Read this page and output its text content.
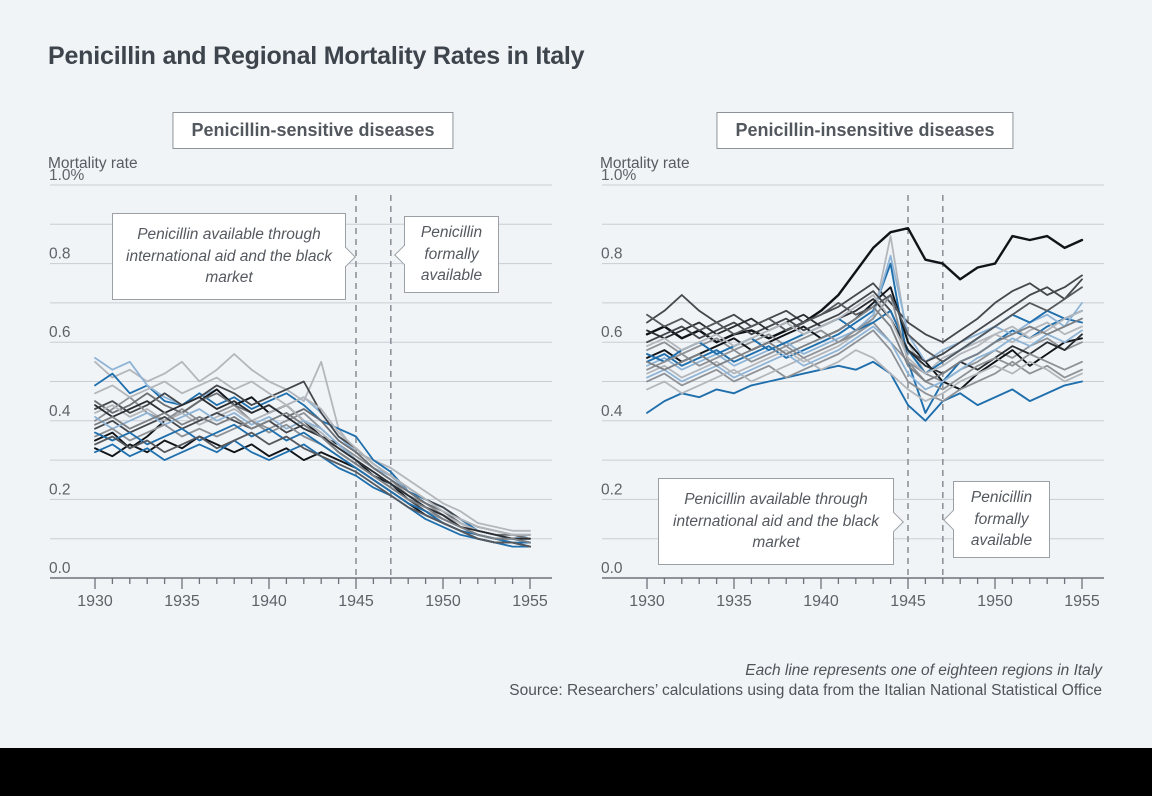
Penicillin and Regional Mortality Rates in Italy
Penicillin-sensitive diseases
Mortality rate
1.0%
0.8
0.6
0.4
0.2
0.0
1930	1935	1940	1945	1950	1955
Penicillin available through international aid and the black market
Penicillin formally available
Penicillin-insensitive diseases
Mortality rate
1.0%
0.8
0.6
0.4
0.2
0.0
1930	1935	1940	1945	1950	1955
Penicillin available through international aid and the black market
Penicillin formally available
Each line represents one of eighteen regions in Italy
Source: Researchers’ calculations using data from the Italian National Statistical Office
